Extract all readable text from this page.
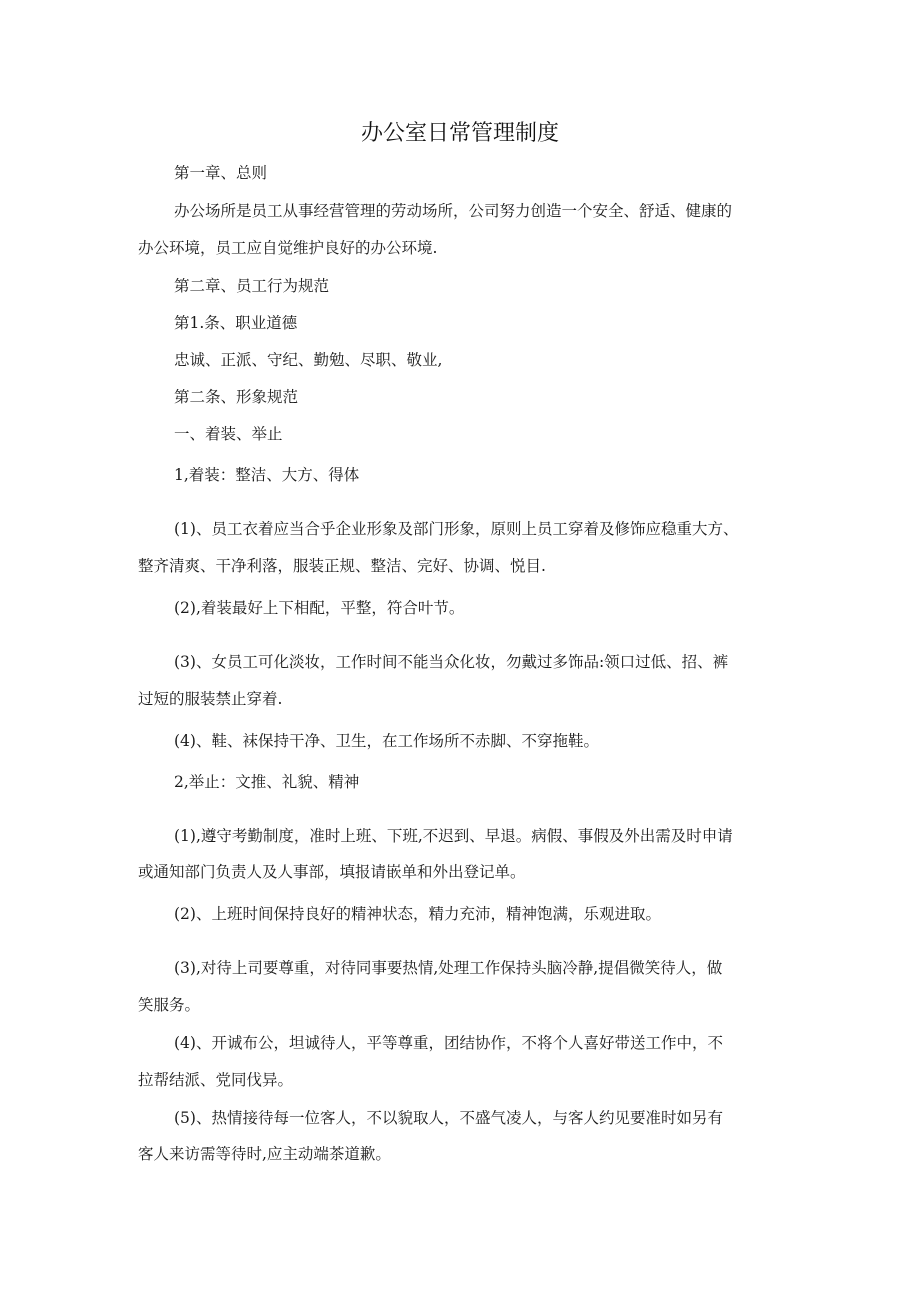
办公室日常管理制度

第一章、总则

办公场所是员工从事经营管理的劳动场所，公司努力创造一个安全、舒适、健康的

办公环境，员工应自觉维护良好的办公环境.

第二章、员工行为规范

第1.条、职业道德

忠诚、正派、守纪、勤勉、尽职、敬业,

第二条、形象规范

一、着装、举止

1,着装：整洁、大方、得体

(1)、员工衣着应当合乎企业形象及部门形象，原则上员工穿着及修饰应稳重大方、

整齐清爽、干净利落，服装正规、整洁、完好、协调、悦目.

(2),着装最好上下相配，平整，符合叶节。

(3)、女员工可化淡妆，工作时间不能当众化妆，勿戴过多饰品:领口过低、招、裤

过短的服装禁止穿着.

(4)、鞋、袜保持干净、卫生，在工作场所不赤脚、不穿拖鞋。

2,举止：文推、礼貌、精神

(1),遵守考勤制度，准时上班、下班,不迟到、早退。病假、事假及外出需及时申请

或通知部门负责人及人事部，填报请嵌单和外出登记单。

(2)、上班时间保持良好的精神状态，精力充沛，精神饱满，乐观进取。

(3),对待上司要尊重，对待同事要热情,处理工作保持头脑冷静,提倡微笑待人，做

笑服务。

(4)、开诚布公，坦诚待人，平等尊重，团结协作，不将个人喜好带送工作中，不

拉帮结派、党同伐异。

(5)、热情接待每一位客人，不以貌取人，不盛气凌人，与客人约见要准时如另有

客人来访需等待时,应主动端茶道歉。
